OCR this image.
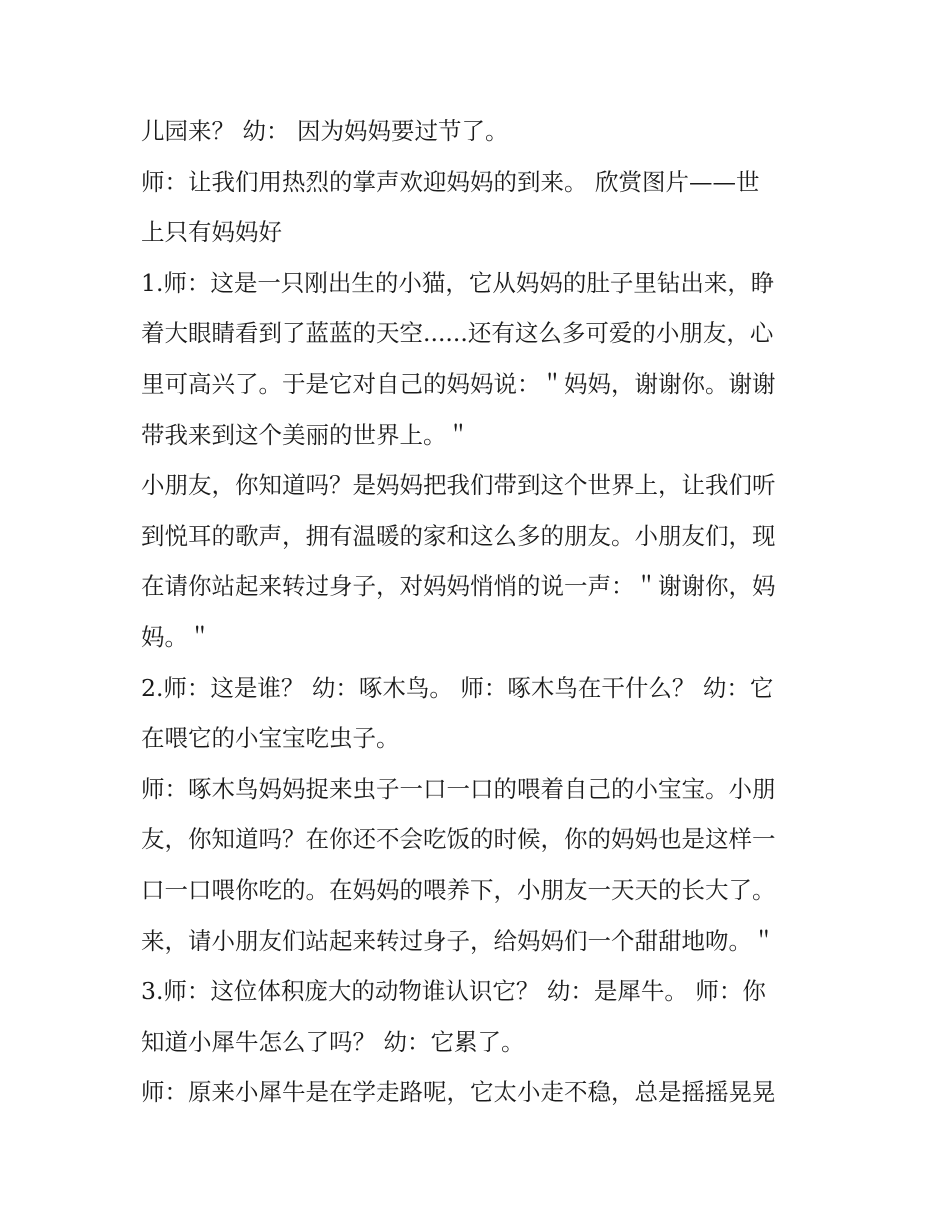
儿园来？ 幼： 因为妈妈要过节了。
师：让我们用热烈的掌声欢迎妈妈的到来。 欣赏图片——世
上只有妈妈好
1.师：这是一只刚出生的小猫，它从妈妈的肚子里钻出来，睁
着大眼睛看到了蓝蓝的天空......还有这么多可爱的小朋友，心
里可高兴了。于是它对自己的妈妈说：＂妈妈，谢谢你。谢谢
带我来到这个美丽的世界上。＂
小朋友，你知道吗？是妈妈把我们带到这个世界上，让我们听
到悦耳的歌声，拥有温暖的家和这么多的朋友。小朋友们，现
在请你站起来转过身子，对妈妈悄悄的说一声：＂谢谢你，妈
妈。＂
2.师：这是谁？ 幼：啄木鸟。 师：啄木鸟在干什么？ 幼：它
在喂它的小宝宝吃虫子。
师：啄木鸟妈妈捉来虫子一口一口的喂着自己的小宝宝。小朋
友，你知道吗？在你还不会吃饭的时候，你的妈妈也是这样一
口一口喂你吃的。在妈妈的喂养下，小朋友一天天的长大了。
来，请小朋友们站起来转过身子，给妈妈们一个甜甜地吻。＂
3.师：这位体积庞大的动物谁认识它？ 幼：是犀牛。 师：你
知道小犀牛怎么了吗？ 幼：它累了。
师：原来小犀牛是在学走路呢，它太小走不稳，总是摇摇晃晃
